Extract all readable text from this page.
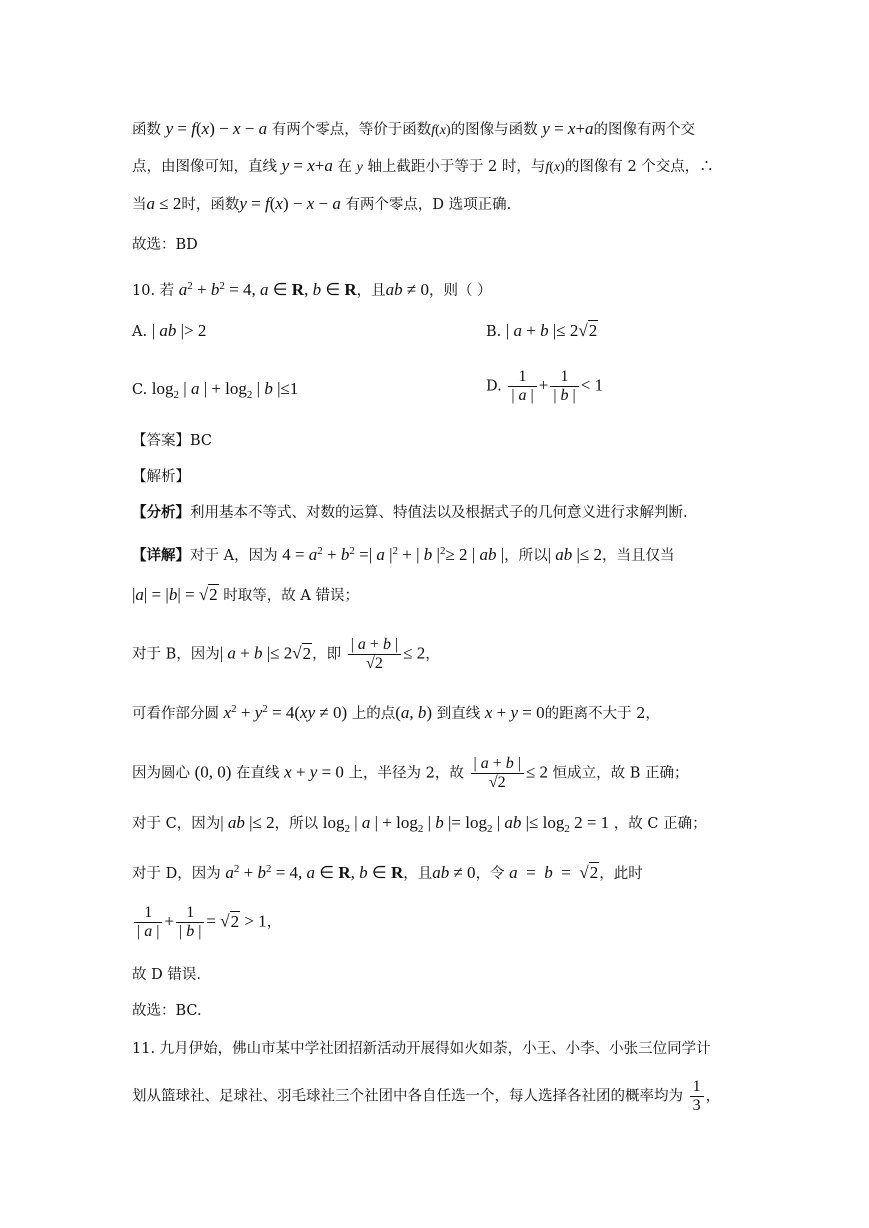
函数 y = f(x) − x − a 有两个零点，等价于函数f(x)的图像与函数 y = x+a的图像有两个交
点，由图像可知，直线 y = x+a 在 y 轴上截距小于等于 2 时，与f(x)的图像有 2 个交点，∴
当a ≤ 2时，函数y = f(x) − x − a 有两个零点，D 选项正确.
故选：BD
10. 若 $a^2 + b^2 = 4$, a ∈ R, b ∈ R，且ab ≠ 0，则（ ）
A. | ab |> 2	B. | a + b |≤ 2√2
C. $\log_2$ | a | + $\log_2$ | b |≤1	D. $\frac{1}{| a |} + \frac{1}{| b |} < 1$
【答案】BC
【解析】
【分析】利用基本不等式、对数的运算、特值法以及根据式子的几何意义进行求解判断.
【详解】对于 A，因为 $4 = a^2 + b^2$ =| a $|^2$ + | b $|^2\ge 2$ | ab |，所以| ab |≤ 2，当且仅当
|a| = |b| = √2 时取等，故 A 错误；
对于 B，因为| a + b |≤ 2√2，即 $\frac{| a + b |}{√2} \le 2$，
可看作部分圆 $x^2 + y^2 = 4(xy \ne 0)$ 上的点(a, b) 到直线 x + y = 0的距离不大于 2，
因为圆心 (0, 0) 在直线 x + y = 0 上，半径为 2，故 $\frac{| a + b |}{√2} \le 2$ 恒成立，故 B 正确；
对于 C，因为| ab |≤ 2，所以 $\log_2$ | a | + $\log_2$ | b |= $\log_2$ | ab |≤ $\log_2 2 = 1$ ，故 C 正确；
对于 D，因为 $a^2 + b^2 = 4$, a ∈ R, b ∈ R，且ab ≠ 0，令 a  =  b  =  √2，此时
$\frac{1}{| a |} + \frac{1}{| b |} = √2 > 1$，
故 D 错误.
故选：BC.
11. 九月伊始，佛山市某中学社团招新活动开展得如火如荼，小王、小李、小张三位同学计
划从篮球社、足球社、羽毛球社三个社团中各自任选一个，每人选择各社团的概率均为 $\frac{1}{3}$ ，
